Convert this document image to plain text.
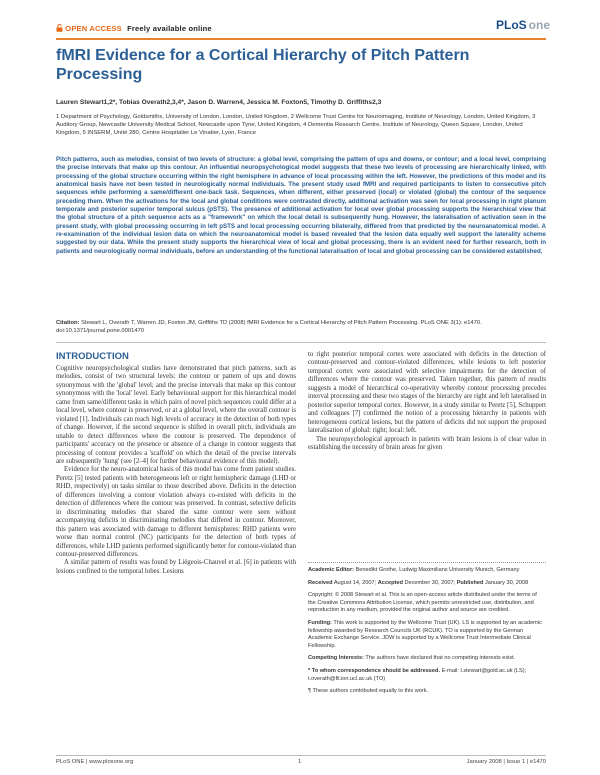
OPEN ACCESS Freely available online	PLoS one
fMRI Evidence for a Cortical Hierarchy of Pitch Pattern Processing
Lauren Stewart1,2*, Tobias Overath2,3,4*, Jason D. Warren4, Jessica M. Foxton5, Timothy D. Griffiths2,3
1 Department of Psychology, Goldsmiths, University of London, London, United Kingdom, 2 Wellcome Trust Centre for Neuroimaging, Institute of Neurology, London, United Kingdom, 3 Auditory Group, Newcastle University Medical School, Newcastle upon Tyne, United Kingdom, 4 Dementia Research Centre, Institute of Neurology, Queen Square, London, United Kingdom, 5 INSERM, Unité 280, Centre Hospitalier Le Vinatier, Lyon, France
Pitch patterns, such as melodies, consist of two levels of structure: a global level, comprising the pattern of ups and downs, or contour; and a local level, comprising the precise intervals that make up this contour. An influential neuropsychological model suggests that these two levels of processing are hierarchically linked, with processing of the global structure occurring within the right hemisphere in advance of local processing within the left. However, the predictions of this model and its anatomical basis have not been tested in neurologically normal individuals. The present study used fMRI and required participants to listen to consecutive pitch sequences while performing a same/different one-back task. Sequences, when different, either preserved (local) or violated (global) the contour of the sequence preceding them. When the activations for the local and global conditions were contrasted directly, additional activation was seen for local processing in right planum temporale and posterior superior temporal sulcus (pSTS). The presence of additional activation for local over global processing supports the hierarchical view that the global structure of a pitch sequence acts as a "framework" on which the local detail is subsequently hung. However, the lateralisation of activation seen in the present study, with global processing occurring in left pSTS and local processing occurring bilaterally, differed from that predicted by the neuroanatomical model. A re-examination of the individual lesion data on which the neuroanatomical model is based revealed that the lesion data equally well support the laterality scheme suggested by our data. While the present study supports the hierarchical view of local and global processing, there is an evident need for further research, both in patients and neurologically normal individuals, before an understanding of the functional lateralisation of local and global processing can be considered established.
Citation: Stewart L, Overath T, Warren JD, Foxton JM, Griffiths TD (2008) fMRI Evidence for a Cortical Hierarchy of Pitch Pattern Processing. PLoS ONE 3(1): e1470. doi:10.1371/journal.pone.0001470
INTRODUCTION

Cognitive neuropsychological studies have demonstrated that pitch patterns, such as melodies, consist of two structural levels: the contour or pattern of ups and downs synonymous with the 'global' level; and the precise intervals that make up this contour synonymous with the 'local' level. Early behavioural support for this hierarchical model came from same/different tasks in which pairs of novel pitch sequences could differ at a local level, where contour is preserved, or at a global level, where the overall contour is violated [1]. Individuals can reach high levels of accuracy in the detection of both types of change. However, if the second sequence is shifted in overall pitch, individuals are unable to detect differences where the contour is preserved. The dependence of participants' accuracy on the presence or absence of a change in contour suggests that processing of contour provides a 'scaffold' on which the detail of the precise intervals are subsequently 'hung' (see [2–4] for further behavioural evidence of this model).

Evidence for the neuro-anatomical basis of this model has come from patient studies. Peretz [5] tested patients with heterogeneous left or right hemispheric damage (LHD or RHD, respectively) on tasks similar to those described above. Deficits in the detection of differences involving a contour violation always co-existed with deficits in the detection of differences where the contour was preserved. In contrast, selective deficits in discriminating melodies that shared the same contour were seen without accompanying deficits in discriminating melodies that differed in contour. Moreover, this pattern was associated with damage to different hemispheres: RHD patients were worse than normal control (NC) participants for the detection of both types of differences, while LHD patients performed significantly better for contour-violated than contour-preserved differences.

A similar pattern of results was found by Liégeois-Chauvel et al. [6] in patients with lesions confined to the temporal lobes. Lesions

to right posterior temporal cortex were associated with deficits in the detection of contour-preserved and contour-violated differences, while lesions to left posterior temporal cortex were associated with selective impairments for the detection of differences where the contour was preserved. Taken together, this pattern of results suggests a model of hierarchical co-operativity whereby contour processing precedes interval processing and these two stages of the hierarchy are right and left lateralised in posterior superior temporal cortex. However, in a study similar to Peretz [5], Schuppert and colleagues [7] confirmed the notion of a processing hierarchy in patients with heterogeneous cortical lesions, but the pattern of deficits did not support the proposed lateralisation of global: right; local: left.

The neuropsychological approach in patients with brain lesions is of clear value in establishing the necessity of brain areas for given

Academic Editor: Benedikt Grothe, Ludwig Maximilians University Munich, Germany

Received August 14, 2007; Accepted December 30, 2007; Published January 30, 2008

Copyright: © 2008 Stewart et al. This is an open-access article distributed under the terms of the Creative Commons Attribution License, which permits unrestricted use, distribution, and reproduction in any medium, provided the original author and source are credited.

Funding: This work is supported by the Wellcome Trust (UK). LS is supported by an academic fellowship awarded by Research Councils UK (RCUK). TO is supported by the German Academic Exchange Service. JDW is supported by a Wellcome Trust Intermediate Clinical Fellowship.

Competing Interests: The authors have declared that no competing interests exist.

* To whom correspondence should be addressed. E-mail: l.stewart@gold.ac.uk (LS); t.overath@fil.ion.ucl.ac.uk (TO)

¶ These authors contributed equally to this work.

PLoS ONE | www.plosone.org	1	January 2008 | Issue 1 | e1470
